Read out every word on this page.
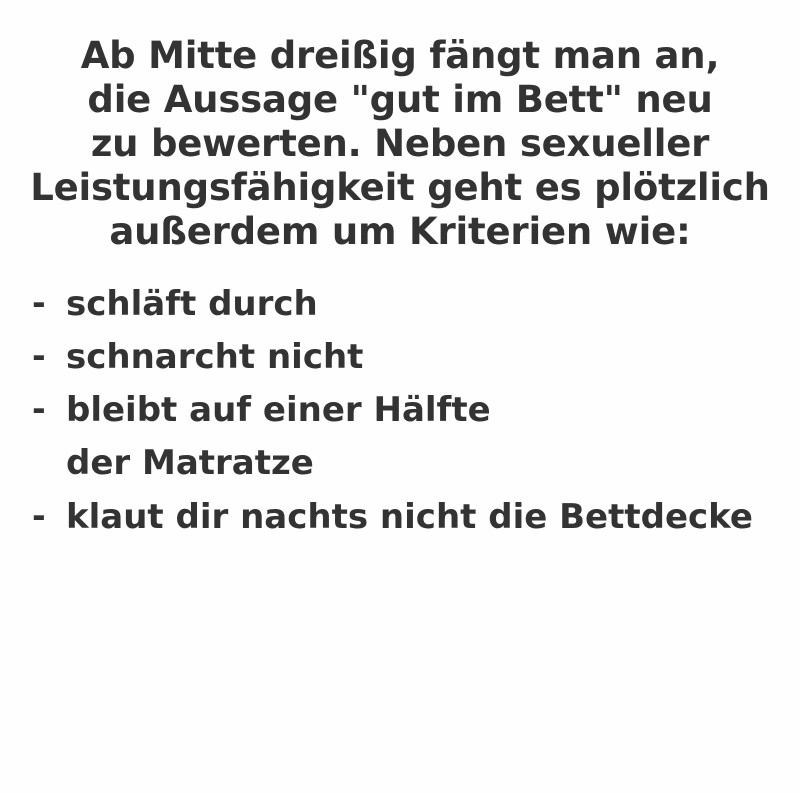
Ab Mitte dreißig fängt man an,
die Aussage "gut im Bett" neu
zu bewerten. Neben sexueller
Leistungsfähigkeit geht es plötzlich
außerdem um Kriterien wie:
- schläft durch
- schnarcht nicht
- bleibt auf einer Hälfte
der Matratze
- klaut dir nachts nicht die Bettdecke
